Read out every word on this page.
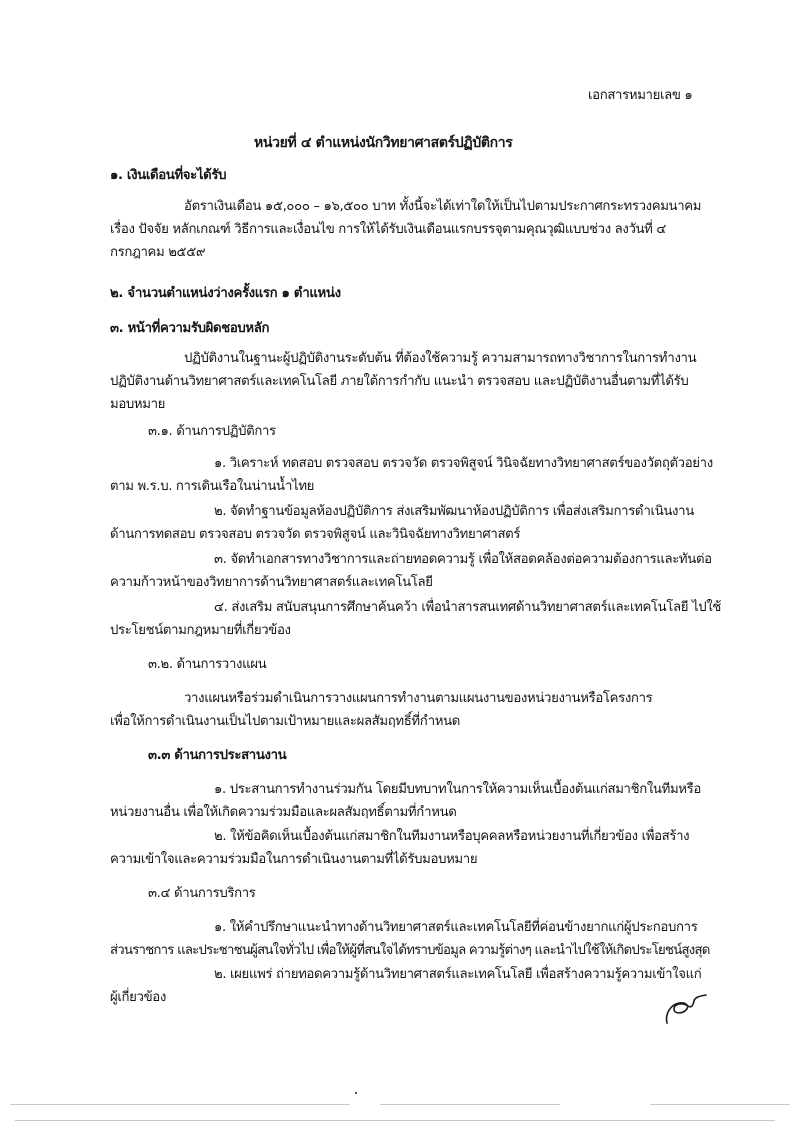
เอกสารหมายเลข ๑
หน่วยที่ ๔ ตำแหน่งนักวิทยาศาสตร์ปฏิบัติการ
๑. เงินเดือนที่จะได้รับ
อัตราเงินเดือน ๑๕,๐๐๐ – ๑๖,๕๐๐ บาท ทั้งนี้จะได้เท่าใดให้เป็นไปตามประกาศกระทรวงคมนาคม
เรื่อง ปัจจัย หลักเกณฑ์ วิธีการและเงื่อนไข การให้ได้รับเงินเดือนแรกบรรจุตามคุณวุฒิแบบช่วง ลงวันที่ ๔
กรกฎาคม ๒๕๕๙
๒. จำนวนตำแหน่งว่างครั้งแรก ๑ ตำแหน่ง
๓. หน้าที่ความรับผิดชอบหลัก
ปฏิบัติงานในฐานะผู้ปฏิบัติงานระดับต้น ที่ต้องใช้ความรู้ ความสามารถทางวิชาการในการทำงาน
ปฏิบัติงานด้านวิทยาศาสตร์และเทคโนโลยี ภายใต้การกำกับ แนะนำ ตรวจสอบ และปฏิบัติงานอื่นตามที่ได้รับ
มอบหมาย
๓.๑. ด้านการปฏิบัติการ
๑. วิเคราะห์ ทดสอบ ตรวจสอบ ตรวจวัด ตรวจพิสูจน์ วินิจฉัยทางวิทยาศาสตร์ของวัตถุตัวอย่าง
ตาม พ.ร.บ. การเดินเรือในน่านน้ำไทย
๒. จัดทำฐานข้อมูลห้องปฏิบัติการ ส่งเสริมพัฒนาห้องปฏิบัติการ เพื่อส่งเสริมการดำเนินงาน
ด้านการทดสอบ ตรวจสอบ ตรวจวัด ตรวจพิสูจน์ และวินิจฉัยทางวิทยาศาสตร์
๓. จัดทำเอกสารทางวิชาการและถ่ายทอดความรู้ เพื่อให้สอดคล้องต่อความต้องการและทันต่อ
ความก้าวหน้าของวิทยาการด้านวิทยาศาสตร์และเทคโนโลยี
๔. ส่งเสริม สนับสนุนการศึกษาค้นคว้า เพื่อนำสารสนเทศด้านวิทยาศาสตร์และเทคโนโลยี ไปใช้
ประโยชน์ตามกฎหมายที่เกี่ยวข้อง
๓.๒. ด้านการวางแผน
วางแผนหรือร่วมดำเนินการวางแผนการทำงานตามแผนงานของหน่วยงานหรือโครงการ
เพื่อให้การดำเนินงานเป็นไปตามเป้าหมายและผลสัมฤทธิ์ที่กำหนด
๓.๓ ด้านการประสานงาน
๑. ประสานการทำงานร่วมกัน โดยมีบทบาทในการให้ความเห็นเบื้องต้นแก่สมาชิกในทีมหรือ
หน่วยงานอื่น เพื่อให้เกิดความร่วมมือและผลสัมฤทธิ์ตามที่กำหนด
๒. ให้ข้อคิดเห็นเบื้องต้นแก่สมาชิกในทีมงานหรือบุคคลหรือหน่วยงานที่เกี่ยวข้อง เพื่อสร้าง
ความเข้าใจและความร่วมมือในการดำเนินงานตามที่ได้รับมอบหมาย
๓.๔ ด้านการบริการ
๑. ให้คำปรึกษาแนะนำทางด้านวิทยาศาสตร์และเทคโนโลยีที่ค่อนข้างยากแก่ผู้ประกอบการ
ส่วนราชการ และประชาชนผู้สนใจทั่วไป เพื่อให้ผู้ที่สนใจได้ทราบข้อมูล ความรู้ต่างๆ และนำไปใช้ให้เกิดประโยชน์สูงสุด
๒. เผยแพร่ ถ่ายทอดความรู้ด้านวิทยาศาสตร์และเทคโนโลยี เพื่อสร้างความรู้ความเข้าใจแก่
ผู้เกี่ยวข้อง
